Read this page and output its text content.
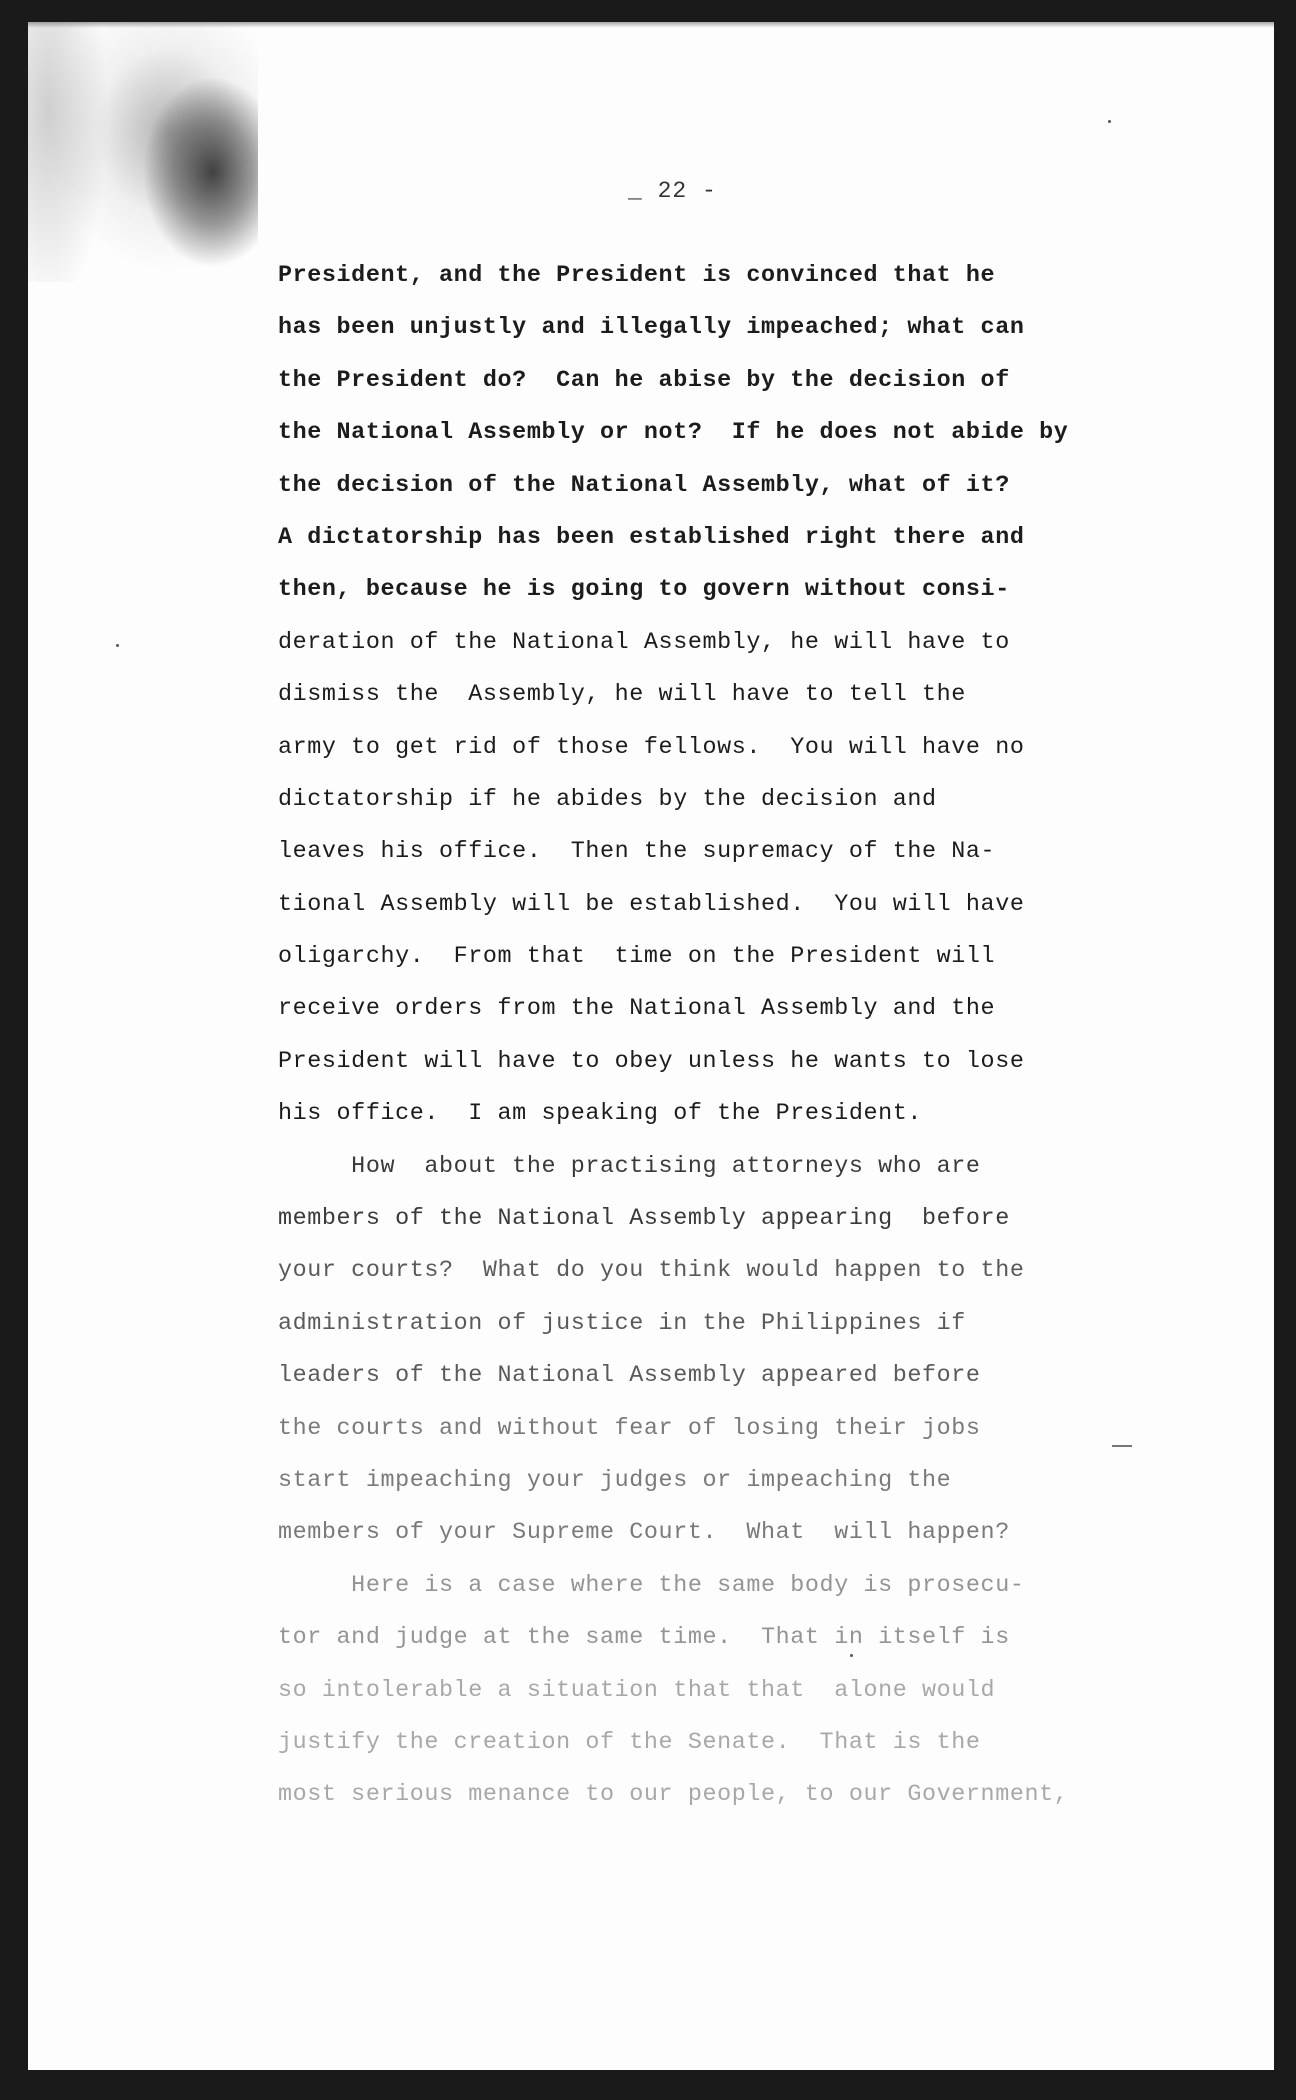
_ 22 -
President, and the President is convinced that he
has been unjustly and illegally impeached; what can
the President do?  Can he abise by the decision of
the National Assembly or not?  If he does not abide by
the decision of the National Assembly, what of it?
A dictatorship has been established right there and
then, because he is going to govern without consi-
deration of the National Assembly, he will have to
dismiss the  Assembly, he will have to tell the
army to get rid of those fellows.  You will have no
dictatorship if he abides by the decision and
leaves his office.  Then the supremacy of the Na-
tional Assembly will be established.  You will have
oligarchy.  From that  time on the President will
receive orders from the National Assembly and the
President will have to obey unless he wants to lose
his office.  I am speaking of the President.
How  about the practising attorneys who are
members of the National Assembly appearing  before
your courts?  What do you think would happen to the
administration of justice in the Philippines if
leaders of the National Assembly appeared before
the courts and without fear of losing their jobs
start impeaching your judges or impeaching the
members of your Supreme Court.  What  will happen?
Here is a case where the same body is prosecu-
tor and judge at the same time.  That in itself is
so intolerable a situation that that  alone would
justify the creation of the Senate.  That is the
most serious menance to our people, to our Government,
